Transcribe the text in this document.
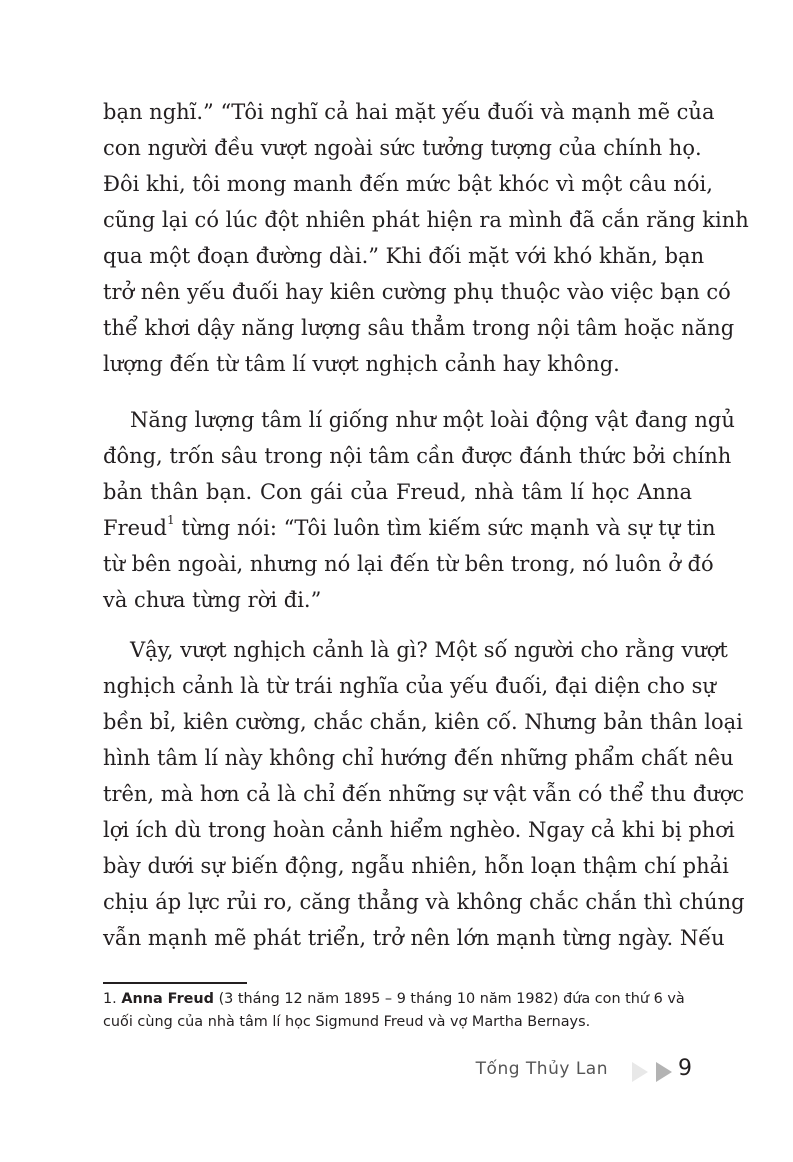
bạn nghĩ.” “Tôi nghĩ cả hai mặt yếu đuối và mạnh mẽ của
con người đều vượt ngoài sức tưởng tượng của chính họ.
Đôi khi, tôi mong manh đến mức bật khóc vì một câu nói,
cũng lại có lúc đột nhiên phát hiện ra mình đã cắn răng kinh
qua một đoạn đường dài.” Khi đối mặt với khó khăn, bạn
trở nên yếu đuối hay kiên cường phụ thuộc vào việc bạn có
thể khơi dậy năng lượng sâu thẳm trong nội tâm hoặc năng
lượng đến từ tâm lí vượt nghịch cảnh hay không.
Năng lượng tâm lí giống như một loài động vật đang ngủ
đông, trốn sâu trong nội tâm cần được đánh thức bởi chính
bản thân bạn. Con gái của Freud, nhà tâm lí học Anna
Freud$^1$ từng nói: “Tôi luôn tìm kiếm sức mạnh và sự tự tin
từ bên ngoài, nhưng nó lại đến từ bên trong, nó luôn ở đó
và chưa từng rời đi.”
Vậy, vượt nghịch cảnh là gì? Một số người cho rằng vượt
nghịch cảnh là từ trái nghĩa của yếu đuối, đại diện cho sự
bền bỉ, kiên cường, chắc chắn, kiên cố. Nhưng bản thân loại
hình tâm lí này không chỉ hướng đến những phẩm chất nêu
trên, mà hơn cả là chỉ đến những sự vật vẫn có thể thu được
lợi ích dù trong hoàn cảnh hiểm nghèo. Ngay cả khi bị phơi
bày dưới sự biến động, ngẫu nhiên, hỗn loạn thậm chí phải
chịu áp lực rủi ro, căng thẳng và không chắc chắn thì chúng
vẫn mạnh mẽ phát triển, trở nên lớn mạnh từng ngày. Nếu
1. Anna Freud (3 tháng 12 năm 1895 – 9 tháng 10 năm 1982) đứa con thứ 6 và
cuối cùng của nhà tâm lí học Sigmund Freud và vợ Martha Bernays.
Tống Thủy Lan	9
